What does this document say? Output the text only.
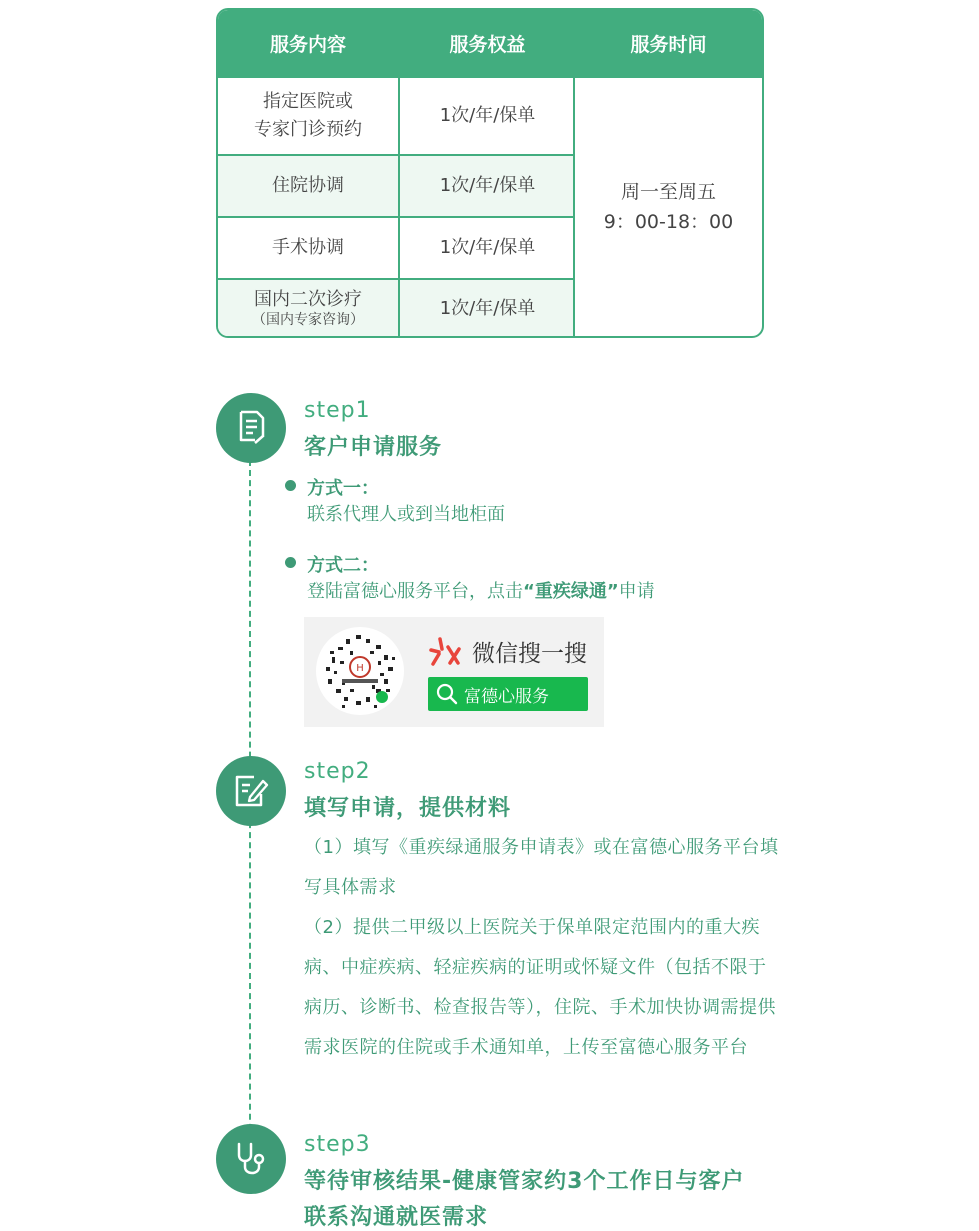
服务内容
指定医院或
专家门诊预约
住院协调
手术协调
国内二次诊疗
（国内专家咨询）
服务权益
1次/年/保单
1次/年/保单
1次/年/保单
1次/年/保单
服务时间
周一至周五
9：00-18：00
step1
客户申请服务
方式一：
联系代理人或到当地柜面
方式二：
登陆富德心服务平台，点击“重疾绿通”申请
H
微信搜一搜
富德心服务
step2
填写申请，提供材料
（1）填写《重疾绿通服务申请表》或在富德心服务平台填写具体需求
（2）提供二甲级以上医院关于保单限定范围内的重大疾病、中症疾病、轻症疾病的证明或怀疑文件（包括不限于病历、诊断书、检查报告等），住院、手术加快协调需提供需求医院的住院或手术通知单，上传至富德心服务平台
step3
等待审核结果-健康管家约3个工作日与客户
联系沟通就医需求
